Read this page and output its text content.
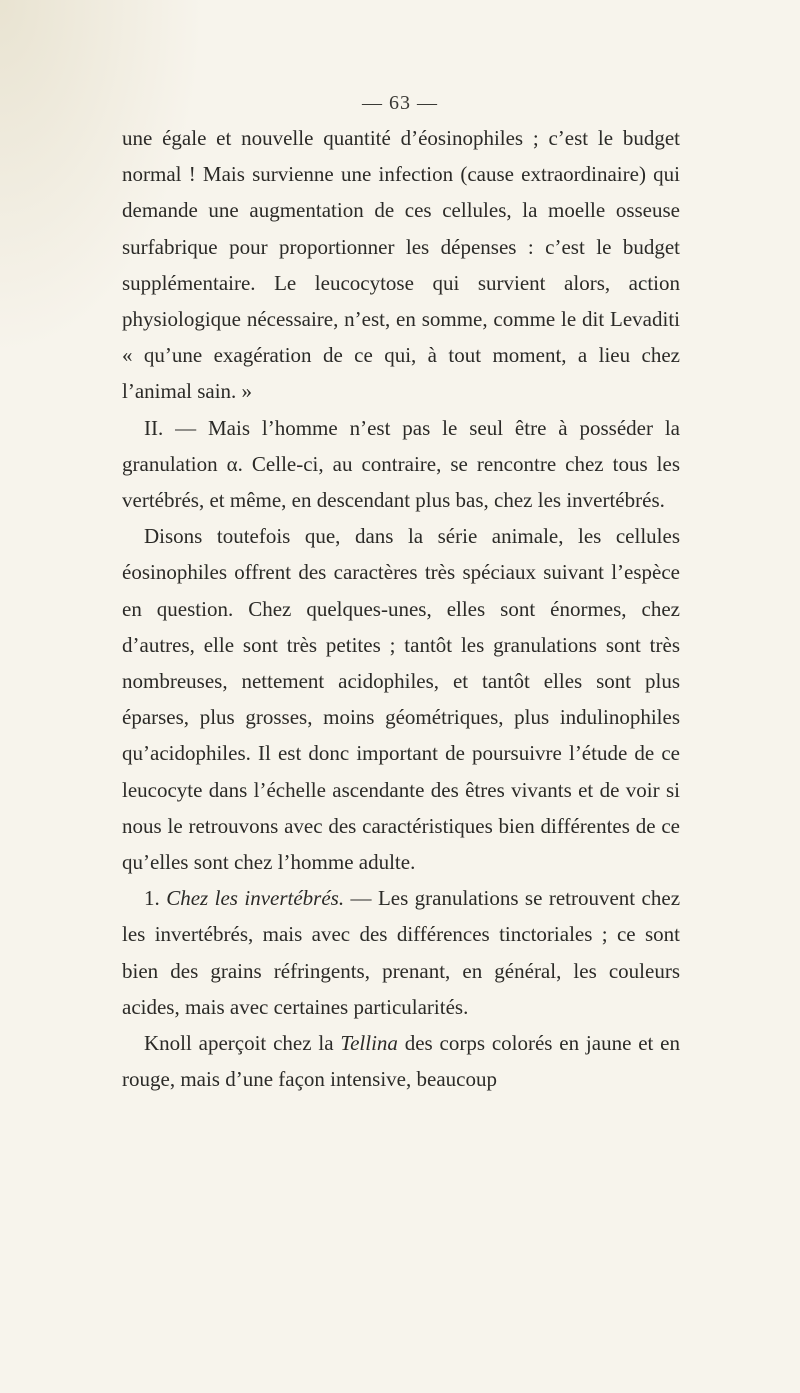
— 63 —

une égale et nouvelle quantité d’éosinophiles ; c’est le budget normal ! Mais survienne une infection (cause extraordinaire) qui demande une augmentation de ces cellules, la moelle osseuse surfabrique pour proportionner les dépenses : c’est le budget supplémentaire. Le leucocytose qui survient alors, action physiologique nécessaire, n’est, en somme, comme le dit Levaditi « qu’une exagération de ce qui, à tout moment, a lieu chez l’animal sain. »

II. — Mais l’homme n’est pas le seul être à posséder la granulation α. Celle-ci, au contraire, se rencontre chez tous les vertébrés, et même, en descendant plus bas, chez les invertébrés.

Disons toutefois que, dans la série animale, les cellules éosinophiles offrent des caractères très spéciaux suivant l’espèce en question. Chez quelques-unes, elles sont énormes, chez d’autres, elle sont très petites ; tantôt les granulations sont très nombreuses, nettement acidophiles, et tantôt elles sont plus éparses, plus grosses, moins géométriques, plus indulinophiles qu’acidophiles. Il est donc important de poursuivre l’étude de ce leucocyte dans l’échelle ascendante des êtres vivants et de voir si nous le retrouvons avec des caractéristiques bien différentes de ce qu’elles sont chez l’homme adulte.

1. Chez les invertébrés. — Les granulations se retrouvent chez les invertébrés, mais avec des différences tinctoriales ; ce sont bien des grains réfringents, prenant, en général, les couleurs acides, mais avec certaines particularités.

Knoll aperçoit chez la Tellina des corps colorés en jaune et en rouge, mais d’une façon intensive, beaucoup
